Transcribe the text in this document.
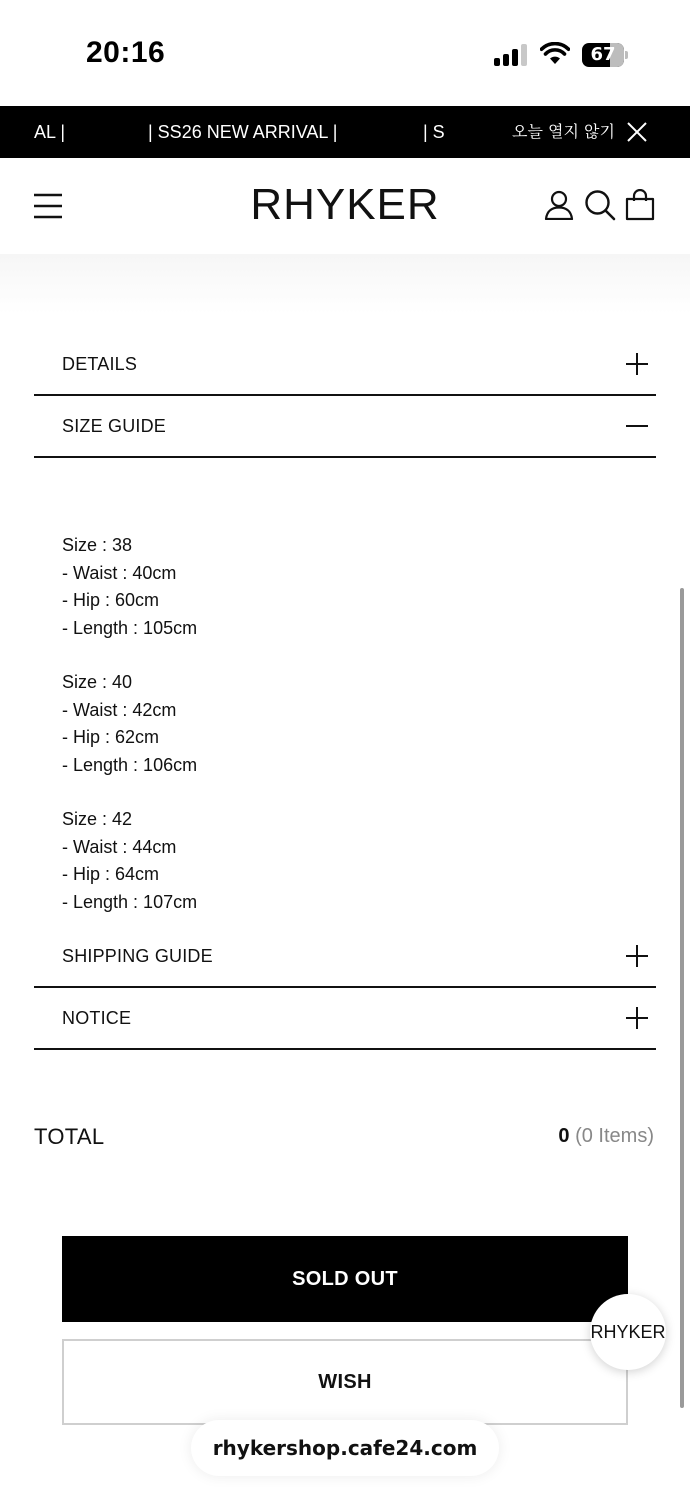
20:16	67
AL |	| SS26 NEW ARRIVAL |	| S	오늘 열지 않기
RHYKER
DETAILS
SIZE GUIDE
Size : 38
- Waist : 40cm
- Hip : 60cm
- Length : 105cm
Size : 40
- Waist : 42cm
- Hip : 62cm
- Length : 106cm
Size : 42
- Waist : 44cm
- Hip : 64cm
- Length : 107cm
SHIPPING GUIDE
NOTICE
TOTAL	0 (0 Items)
SOLD OUT
WISH
RHYKER
rhykershop.cafe24.com
